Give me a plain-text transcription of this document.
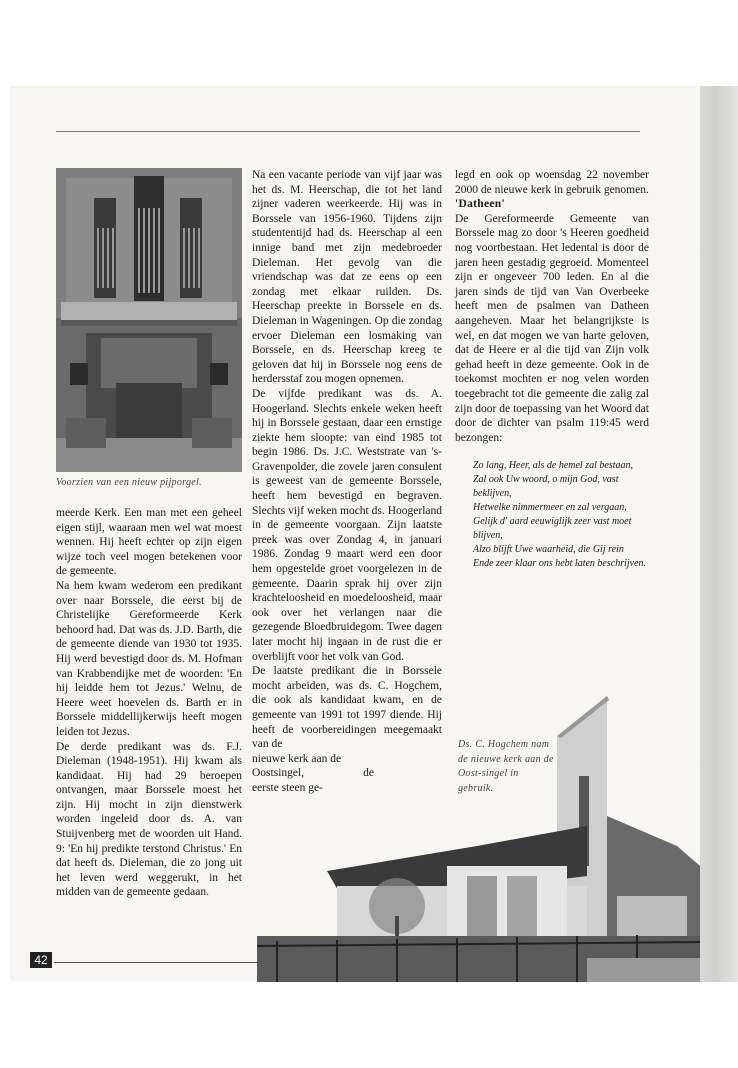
Voorzien van een nieuw pijporgel.

meerde Kerk. Een man met een geheel eigen stijl, waaraan men wel wat moest wennen. Hij heeft echter op zijn eigen wijze toch veel mogen betekenen voor de gemeente.

Na hem kwam wederom een predikant over naar Borssele, die eerst bij de Christelijke Gereformeerde Kerk behoord had. Dat was ds. J.D. Barth, die de gemeente diende van 1930 tot 1935. Hij werd bevestigd door ds. M. Hofman van Krabbendijke met de woorden: 'En hij leidde hem tot Jezus.' Welnu, de Heere weet hoevelen ds. Barth er in Borssele middellijkerwijs heeft mogen leiden tot Jezus.

De derde predikant was ds. F.J. Dieleman (1948-1951). Hij kwam als kandidaat. Hij had 29 beroepen ontvangen, maar Borssele moest het zijn. Hij mocht in zijn dienstwerk worden ingeleid door ds. A. van Stuijvenberg met de woorden uit Hand. 9: 'En hij predikte terstond Christus.' En dat heeft ds. Dieleman, die zo jong uit het leven werd weggerukt, in het midden van de gemeente gedaan.

Na een vacante periode van vijf jaar was het ds. M. Heerschap, die tot het land zijner vaderen weerkeerde. Hij was in Borssele van 1956-1960. Tijdens zijn studententijd had ds. Heerschap al een innige band met zijn medebroeder Dieleman. Het gevolg van die vriendschap was dat ze eens op een zondag met elkaar ruilden. Ds. Heerschap preekte in Borssele en ds. Dieleman in Wageningen. Op die zondag ervoer Dieleman een losmaking van Borssele, en ds. Heerschap kreeg te geloven dat hij in Borssele nog eens de herdersstaf zou mogen opnemen.

De vijfde predikant was ds. A. Hoogerland. Slechts enkele weken heeft hij in Borssele gestaan, daar een ernstige ziekte hem sloopte: van eind 1985 tot begin 1986. Ds. J.C. Weststrate van 's-Gravenpolder, die zovele jaren consulent is geweest van de gemeente Borssele, heeft hem bevestigd en begraven. Slechts vijf weken mocht ds. Hoogerland in de gemeente voorgaan. Zijn laatste preek was over Zondag 4, in januari 1986. Zondag 9 maart werd een door hem opgestelde groet voorgelezen in de gemeente. Daarin sprak hij over zijn krachteloosheid en moedeloosheid, maar ook over het verlangen naar die gezegende Bloedbruidegom. Twee dagen later mocht hij ingaan in de rust die er overblijft voor het volk van God.

De laatste predikant die in Borssele mocht arbeiden, was ds. C. Hogchem, die ook als kandidaat kwam, en de gemeente van 1991 tot 1997 diende. Hij heeft de voorbereidingen meegemaakt van de

nieuwe kerk aan de

Oostsingel, de

eerste steen ge-

legd en ook op woensdag 22 november 2000 de nieuwe kerk in gebruik genomen.

'Datheen'

De Gereformeerde Gemeente van Borssele mag zo door 's Heeren goedheid nog voortbestaan. Het ledental is door de jaren heen gestadig gegroeid. Momenteel zijn er ongeveer 700 leden. En al die jaren sinds de tijd van Van Overbeeke heeft men de psalmen van Datheen aangeheven. Maar het belangrijkste is wel, en dat mogen we van harte geloven, dat de Heere er al die tijd van Zijn volk gehad heeft in deze gemeente. Ook in de toekomst mochten er nog velen worden toegebracht tot die gemeente die zalig zal zijn door de toepassing van het Woord dat door de dichter van psalm 119:45 werd bezongen:

Zo lang, Heer, als de hemel zal bestaan,
Zal ook Uw woord, o mijn God, vast beklijven,
Hetwelke nimmermeer en zal vergaan,
Gelijk d' aard eeuwiglijk zeer vast moet blijven,
Alzo blijft Uwe waarheid, die Gij rein
Ende zeer klaar ons hebt laten beschrijven.
Ds. C. Hogchem nam de nieuwe kerk aan de Oost-singel in gebruik.
42
